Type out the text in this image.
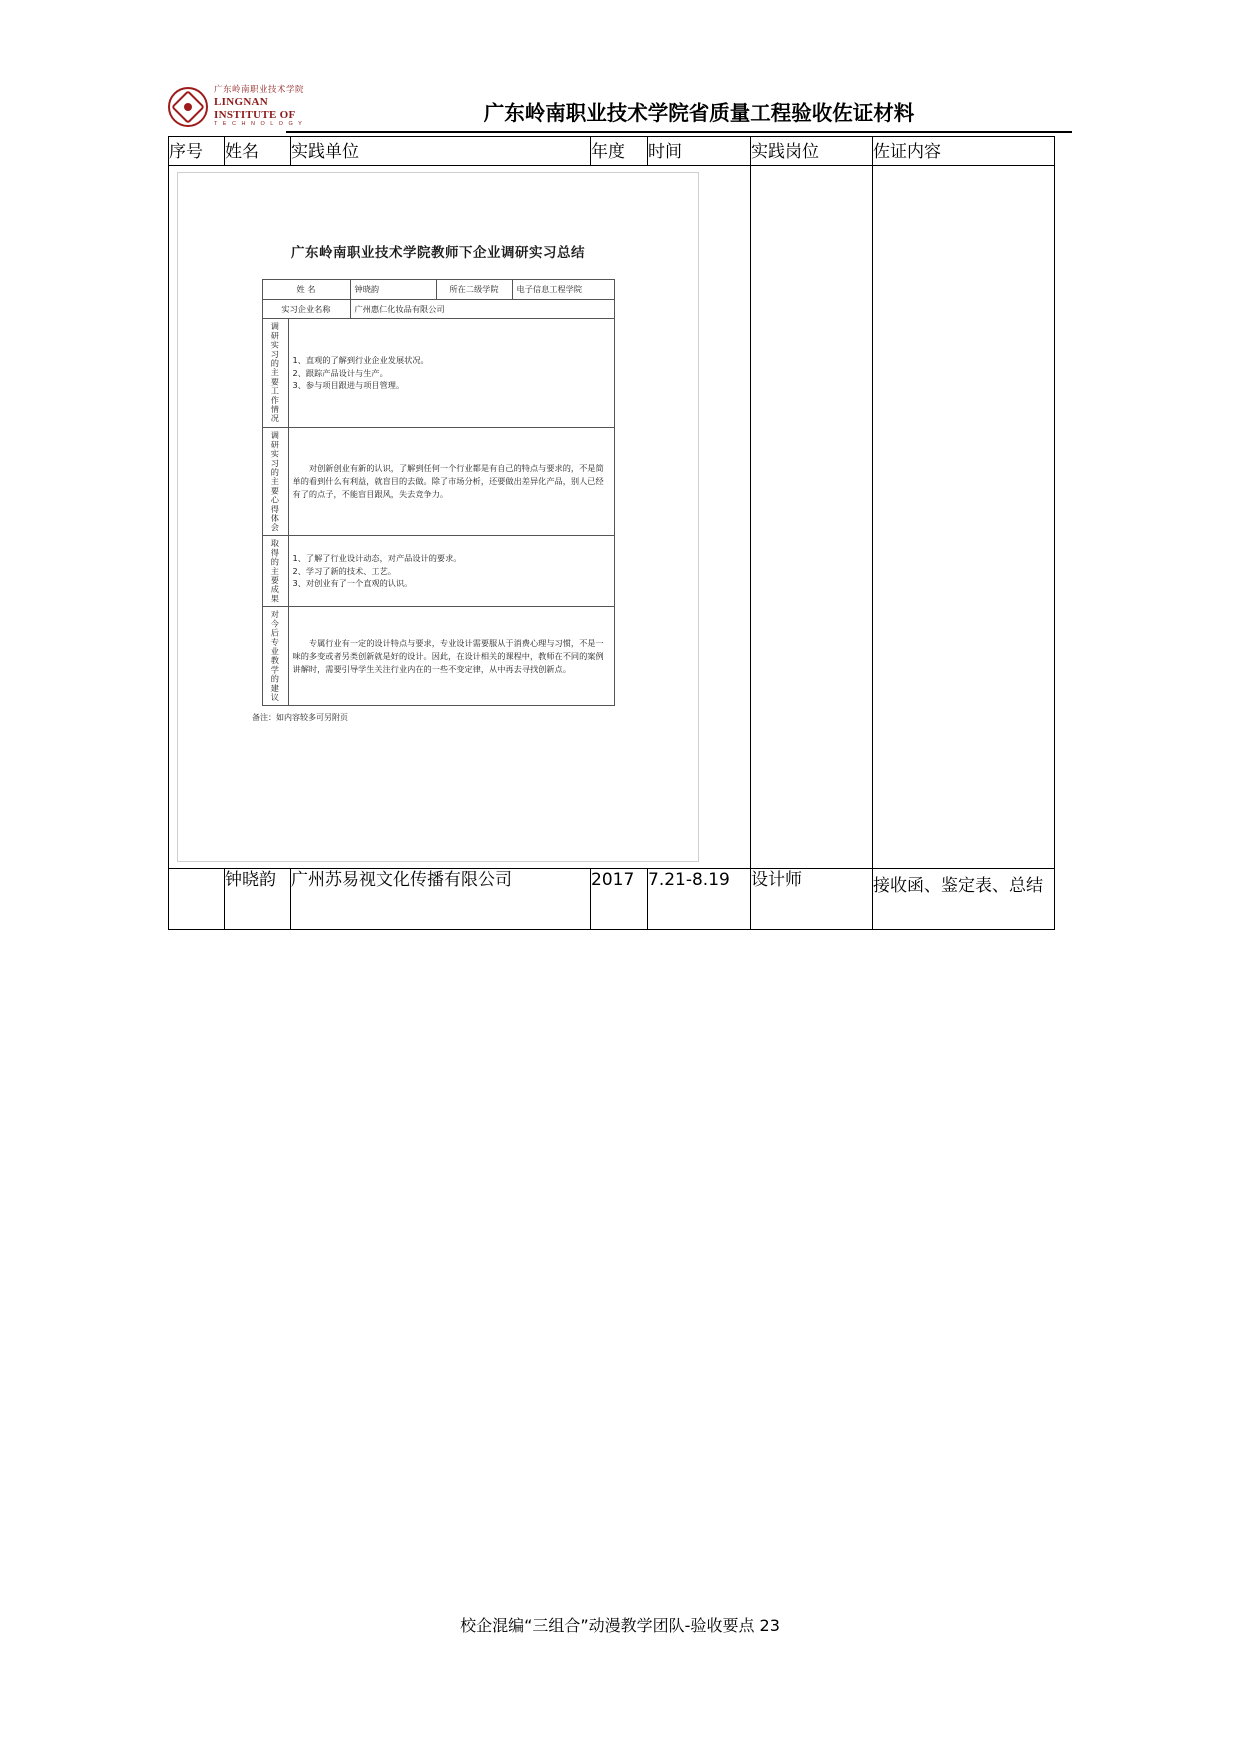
广东岭南职业技术学院
LINGNAN INSTITUTE OF
T E C H N O L O G Y	广东岭南职业技术学院省质量工程验收佐证材料
序号	姓名	实践单位	年度	时间	实践岗位	佐证内容

广东岭南职业技术学院教师下企业调研实习总结
姓 名	钟晓韵	所在二级学院	电子信息工程学院
实习企业名称	广州惠仁化妆品有限公司

调研实习的主要工作情况	1、直观的了解到行业企业发展状况。

2、跟踪产品设计与生产。

3、参与项目跟进与项目管理。

调研实习的主要心得体会	对创新创业有新的认识，了解到任何一个行业都是有自己的特点与要求的，不是简单的看到什么有利益，就盲目的去做。除了市场分析，还要做出差异化产品，别人已经有了的点子，不能盲目跟风，失去竞争力。

取得的主要成果	1、了解了行业设计动态，对产品设计的要求。

2、学习了新的技术、工艺。

3、对创业有了一个直观的认识。

对今后专业教学的建议	专属行业有一定的设计特点与要求，专业设计需要服从于消费心理与习惯，不是一味的多变或者另类创新就是好的设计。因此，在设计相关的课程中，教师在不同的案例讲解时，需要引导学生关注行业内在的一些不变定律，从中再去寻找创新点。

备注：如内容较多可另附页

	钟晓韵	广州苏易视文化传播有限公司	2017	7.21-8.19	设计师	接收函、鉴定表、总结
校企混编“三组合”动漫教学团队-验收要点 23
